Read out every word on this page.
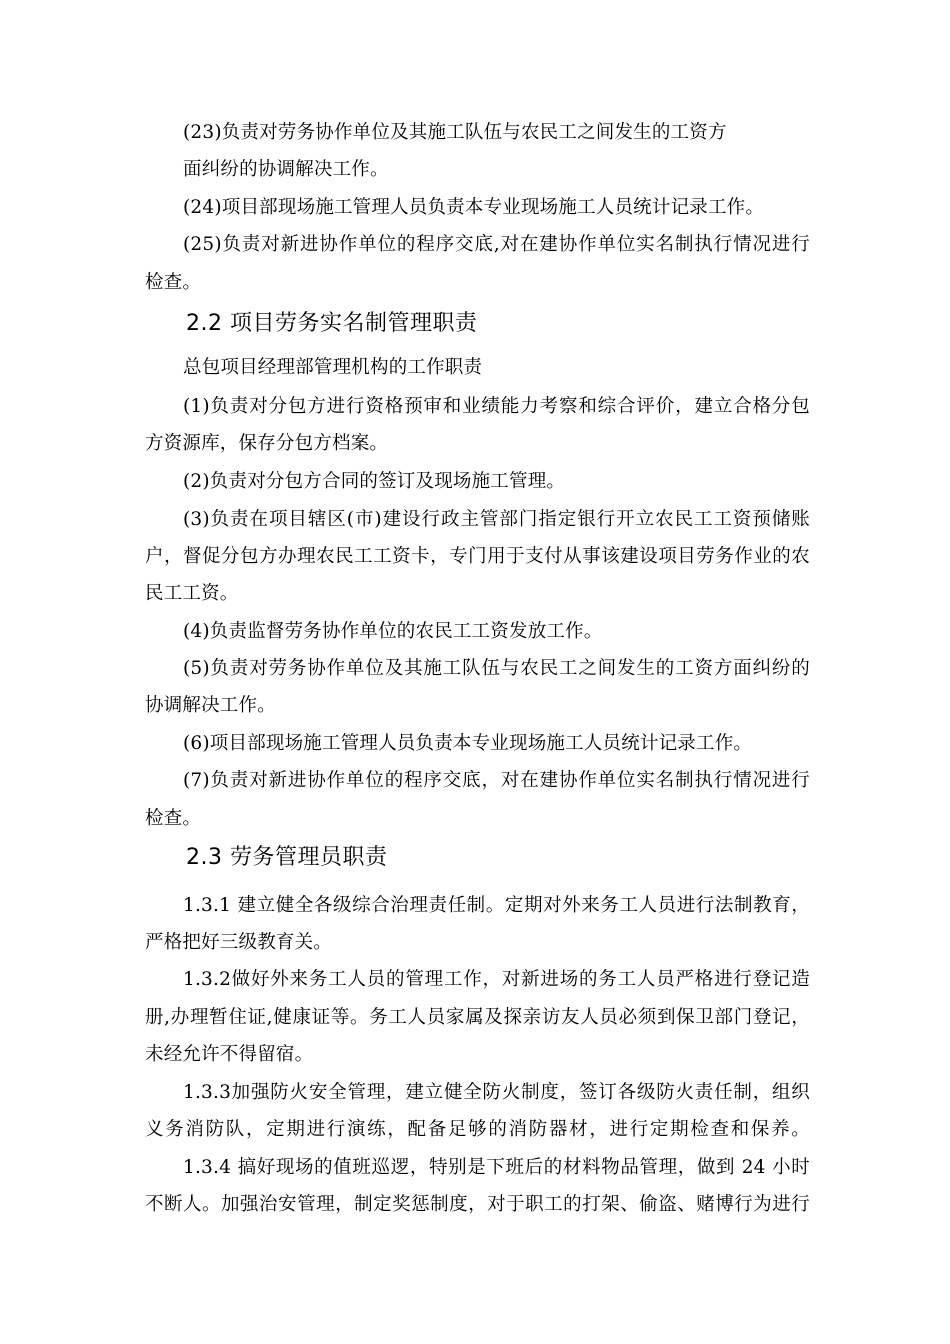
(23)负责对劳务协作单位及其施工队伍与农民工之间发生的工资方
面纠纷的协调解决工作。
(24)项目部现场施工管理人员负责本专业现场施工人员统计记录工作。
(25)负责对新进协作单位的程序交底,对在建协作单位实名制执行情况进行
检查。
2.2 项目劳务实名制管理职责
总包项目经理部管理机构的工作职责
(1)负责对分包方进行资格预审和业绩能力考察和综合评价，建立合格分包
方资源库，保存分包方档案。
(2)负责对分包方合同的签订及现场施工管理。
(3)负责在项目辖区(市)建设行政主管部门指定银行开立农民工工资预储账
户，督促分包方办理农民工工资卡，专门用于支付从事该建设项目劳务作业的农
民工工资。
(4)负责监督劳务协作单位的农民工工资发放工作。
(5)负责对劳务协作单位及其施工队伍与农民工之间发生的工资方面纠纷的
协调解决工作。
(6)项目部现场施工管理人员负责本专业现场施工人员统计记录工作。
(7)负责对新进协作单位的程序交底，对在建协作单位实名制执行情况进行
检查。
2.3 劳务管理员职责
1.3.1 建立健全各级综合治理责任制。定期对外来务工人员进行法制教育，
严格把好三级教育关。
1.3.2做好外来务工人员的管理工作，对新进场的务工人员严格进行登记造
册,办理暂住证,健康证等。务工人员家属及探亲访友人员必须到保卫部门登记，
未经允许不得留宿。
1.3.3加强防火安全管理，建立健全防火制度，签订各级防火责任制，组织
义务消防队，定期进行演练，配备足够的消防器材，进行定期检查和保养。
1.3.4 搞好现场的值班巡逻，特别是下班后的材料物品管理，做到 24 小时
不断人。加强治安管理，制定奖惩制度，对于职工的打架、偷盗、赌博行为进行
